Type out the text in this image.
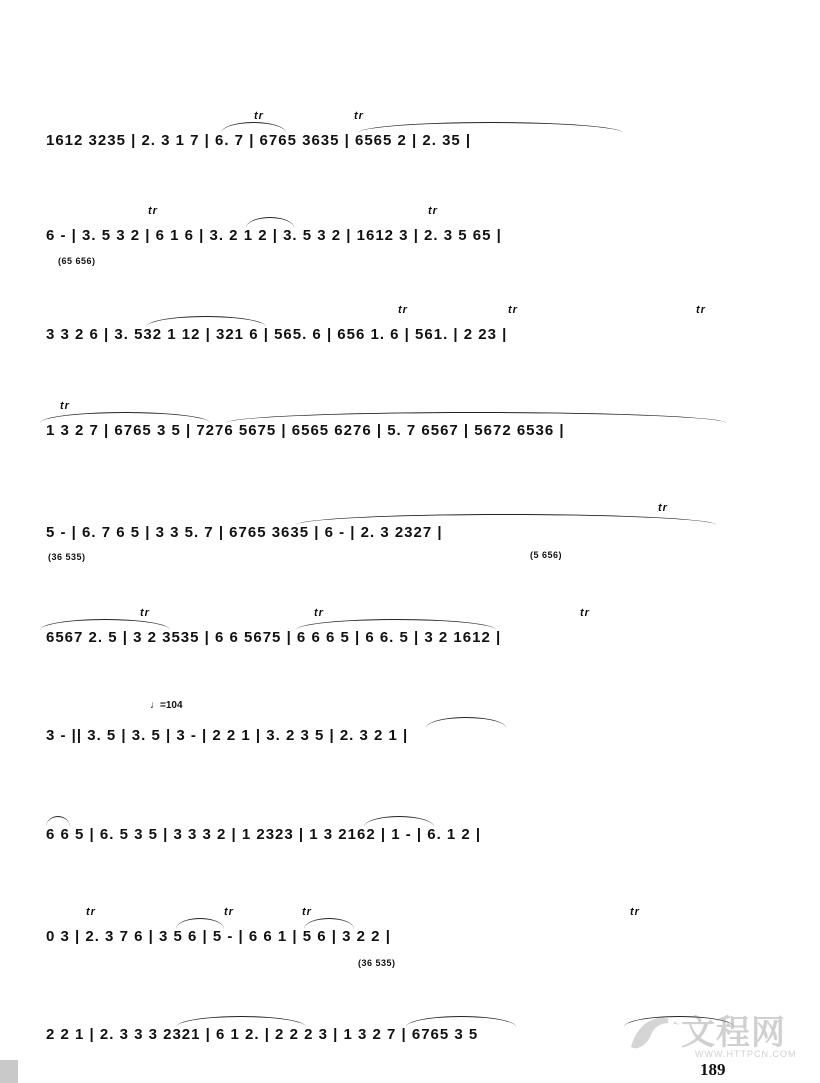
1612 3235 | 2. 3 1 7 | 6. 7 | 6765 3635 | 6565 2 | 2. 35 |
tr	tr
6 - | 3. 5 3 2 | 6 1 6 | 3. 2 1 2 | 3. 5 3 2 | 1612 3 | 2. 3 5 65 |
tr	tr
(65 656)
3 3 2 6 | 3. 532 1 12 | 321 6 | 565. 6 | 656 1. 6 | 561. | 2 23 |
tr	tr	tr
1 3 2 7 | 6765 3 5 | 7276 5675 | 6565 6276 | 5. 7 6567 | 5672 6536 |
tr
5 - | 6. 7 6 5 | 3 3 5. 7 | 6765 3635 | 6 - | 2. 3 2327 |
tr
(36 535)	(5 656)
6567 2. 5 | 3 2 3535 | 6 6 5675 | 6 6 6 5 | 6 6. 5 | 3 2 1612 |
tr	tr	tr
♩=104
3 - || 3. 5 | 3. 5 | 3 - | 2 2 1 | 3. 2 3 5 | 2. 3 2 1 |
6 6 5 | 6. 5 3 5 | 3 3 3 2 | 1 2323 | 1 3 2162 | 1 - | 6. 1 2 |
0 3 | 2. 3 7 6 | 3 5 6 | 5 - | 6 6 1 | 5 6 | 3 2 2 |
tr	tr	tr	tr
(36 535)
2 2 1 | 2. 3 3 3 2321 | 6 1 2. | 2 2 2 3 | 1 3 2 7 | 6765 3 5	文程网
WWW.HTTPCN.COM
189
